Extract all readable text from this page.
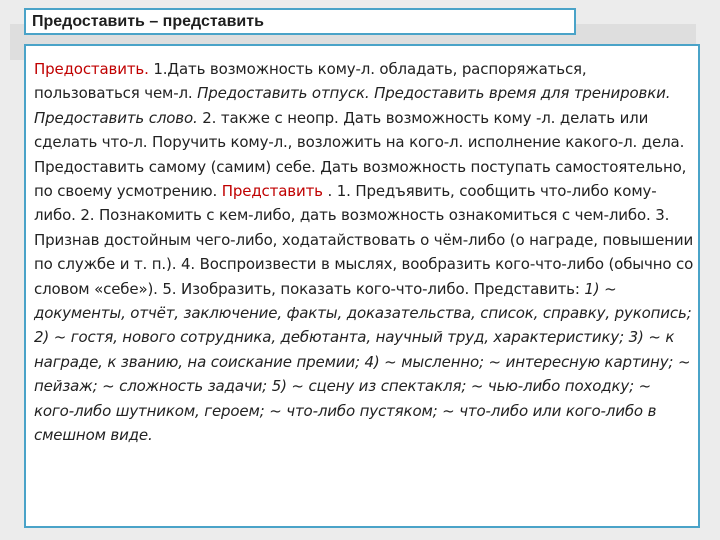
Предоставить – представить

Предоставить. 1.Дать возможность кому-л. обладать, распоряжаться, пользоваться чем-л. Предоставить отпуск. Предоставить время для тренировки. Предоставить слово. 2. также с неопр. Дать возможность кому -л. делать или сделать что-л. Поручить кому-л., возложить на кого-л. исполнение какого-л. дела. Предоставить самому (самим) себе. Дать возможность поступать самостоятельно, по своему усмотрению. Представить . 1. Предъявить, сообщить что-либо кому-либо. 2. Познакомить с кем-либо, дать возможность ознакомиться с чем-либо. 3. Признав достойным чего-либо, ходатайствовать о чём-либо (о награде, повышении по службе и т. п.). 4. Воспроизвести в мыслях, вообразить кого-что-либо (обычно со словом «себе»). 5. Изобразить, показать кого-что-либо. Представить: 1) ~ документы, отчёт, заключение, факты, доказательства, список, справку, рукопись; 2) ~ гостя, нового сотрудника, дебютанта, научный труд, характеристику; 3) ~ к награде, к званию, на соискание премии; 4) ~ мысленно; ~ интересную картину; ~ пейзаж; ~ сложность задачи; 5) ~ сцену из спектакля; ~ чью-либо походку; ~ кого-либо шутником, героем; ~ что-либо пустяком; ~ что-либо или кого-либо в смешном виде.
